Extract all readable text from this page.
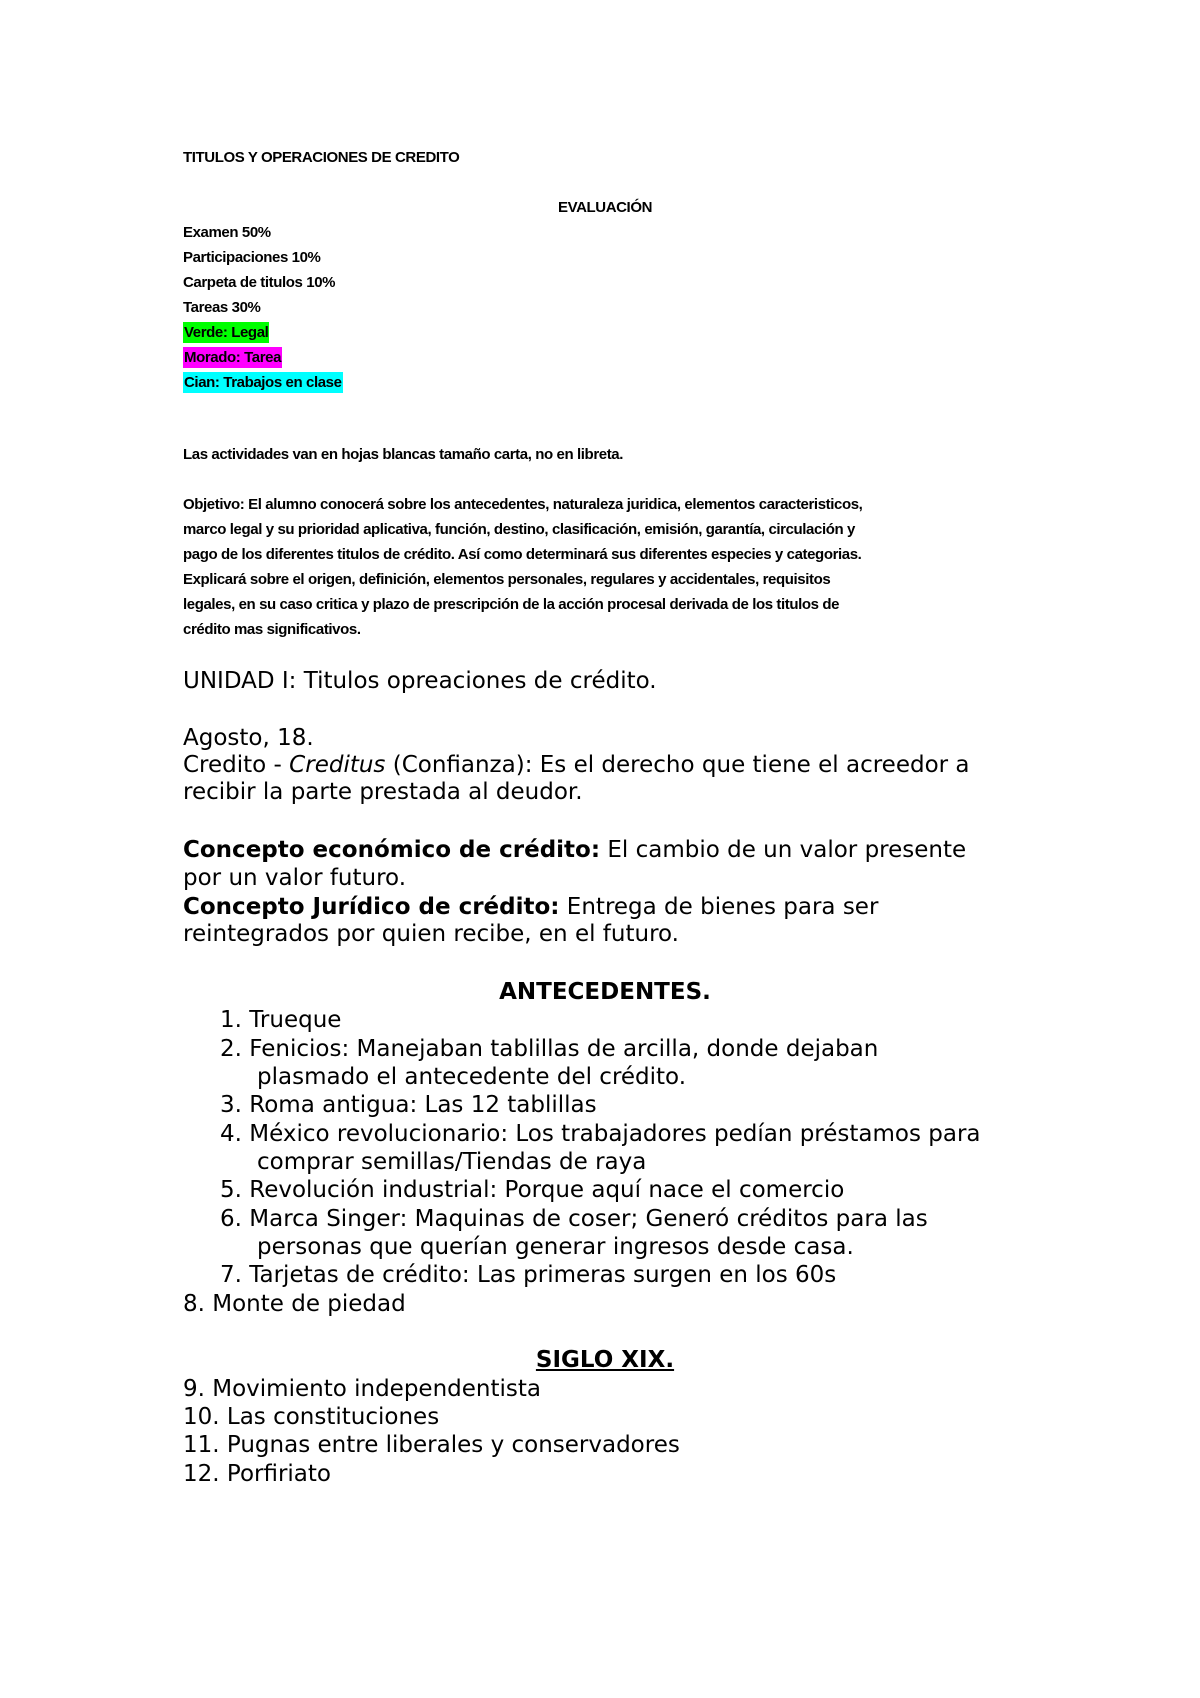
TITULOS Y OPERACIONES DE CREDITO
EVALUACIÓN
Examen 50%
Participaciones 10%
Carpeta de titulos 10%
Tareas 30%
Verde: Legal
Morado: Tarea
Cian: Trabajos en clase
Las actividades van en hojas blancas tamaño carta, no en libreta.
Objetivo: El alumno conocerá sobre los antecedentes, naturaleza juridica, elementos caracteristicos,
marco legal y su prioridad aplicativa, función, destino, clasificación, emisión, garantía, circulación y
pago de los diferentes titulos de crédito. Así como determinará sus diferentes especies y categorias.
Explicará sobre el origen, definición, elementos personales, regulares y accidentales, requisitos
legales, en su caso critica y plazo de prescripción de la acción procesal derivada de los titulos de
crédito mas significativos.
UNIDAD I: Titulos opreaciones de crédito.
Agosto, 18.
Credito - Creditus (Confianza): Es el derecho que tiene el acreedor a
recibir la parte prestada al deudor.
Concepto económico de crédito: El cambio de un valor presente
por un valor futuro.
Concepto Jurídico de crédito: Entrega de bienes para ser
reintegrados por quien recibe, en el futuro.
ANTECEDENTES.
1. Trueque
2. Fenicios: Manejaban tablillas de arcilla, donde dejaban
plasmado el antecedente del crédito.
3. Roma antigua: Las 12 tablillas
4. México revolucionario: Los trabajadores pedían préstamos para
comprar semillas/Tiendas de raya
5. Revolución industrial: Porque aquí nace el comercio
6. Marca Singer: Maquinas de coser; Generó créditos para las
personas que querían generar ingresos desde casa.
7. Tarjetas de crédito: Las primeras surgen en los 60s
8. Monte de piedad
SIGLO XIX.
9. Movimiento independentista
10. Las constituciones
11. Pugnas entre liberales y conservadores
12. Porfiriato
